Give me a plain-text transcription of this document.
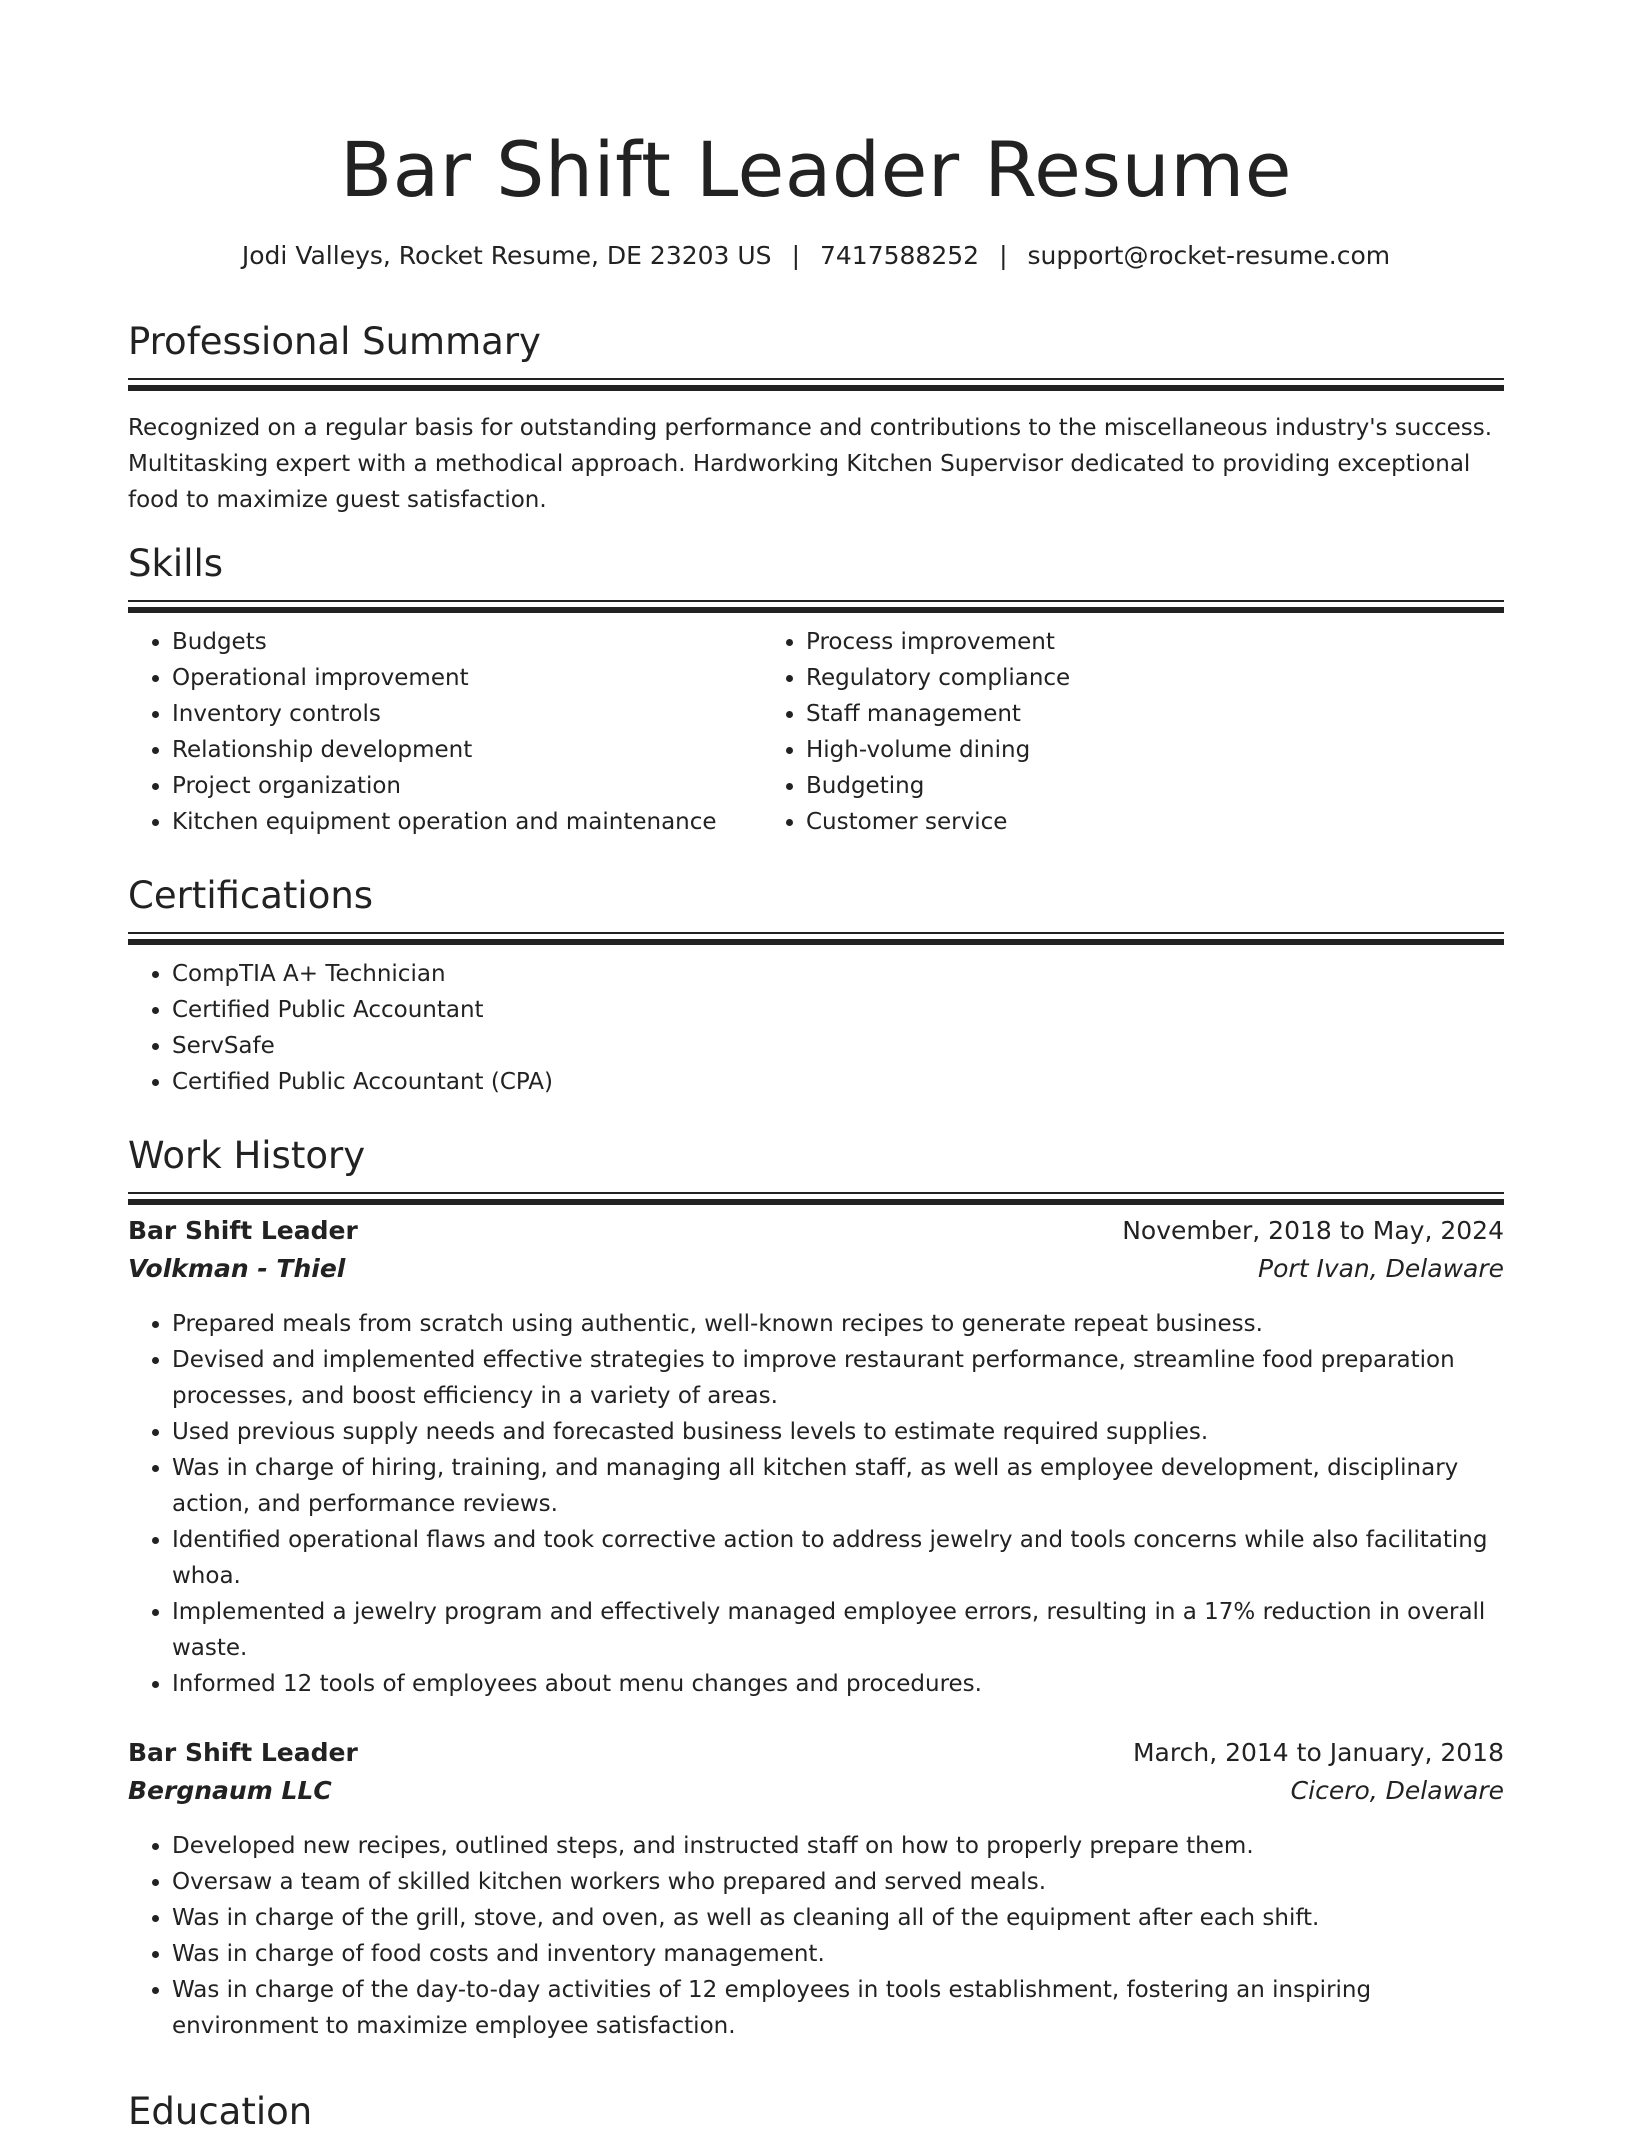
Bar Shift Leader Resume
Jodi Valleys, Rocket Resume, DE 23203 US | 7417588252 | support@rocket-resume.com
Professional Summary

Recognized on a regular basis for outstanding performance and contributions to the miscellaneous industry's success. Multitasking expert with a methodical approach. Hardworking Kitchen Supervisor dedicated to providing exceptional food to maximize guest satisfaction.

Skills
• Budgets
• Operational improvement
• Inventory controls
• Relationship development
• Project organization
• Kitchen equipment operation and maintenance
• Process improvement
• Regulatory compliance
• Staff management
• High-volume dining
• Budgeting
• Customer service
Certifications
• CompTIA A+ Technician
• Certified Public Accountant
• ServSafe
• Certified Public Accountant (CPA)
Work History
Bar Shift Leader	November, 2018 to May, 2024
Volkman - Thiel	Port Ivan, Delaware
• Prepared meals from scratch using authentic, well-known recipes to generate repeat business.
• Devised and implemented effective strategies to improve restaurant performance, streamline food preparation processes, and boost efficiency in a variety of areas.
• Used previous supply needs and forecasted business levels to estimate required supplies.
• Was in charge of hiring, training, and managing all kitchen staff, as well as employee development, disciplinary action, and performance reviews.
• Identified operational flaws and took corrective action to address jewelry and tools concerns while also facilitating whoa.
• Implemented a jewelry program and effectively managed employee errors, resulting in a 17% reduction in overall waste.
• Informed 12 tools of employees about menu changes and procedures.
Bar Shift Leader	March, 2014 to January, 2018
Bergnaum LLC	Cicero, Delaware
• Developed new recipes, outlined steps, and instructed staff on how to properly prepare them.
• Oversaw a team of skilled kitchen workers who prepared and served meals.
• Was in charge of the grill, stove, and oven, as well as cleaning all of the equipment after each shift.
• Was in charge of food costs and inventory management.
• Was in charge of the day-to-day activities of 12 employees in tools establishment, fostering an inspiring environment to maximize employee satisfaction.
Education
